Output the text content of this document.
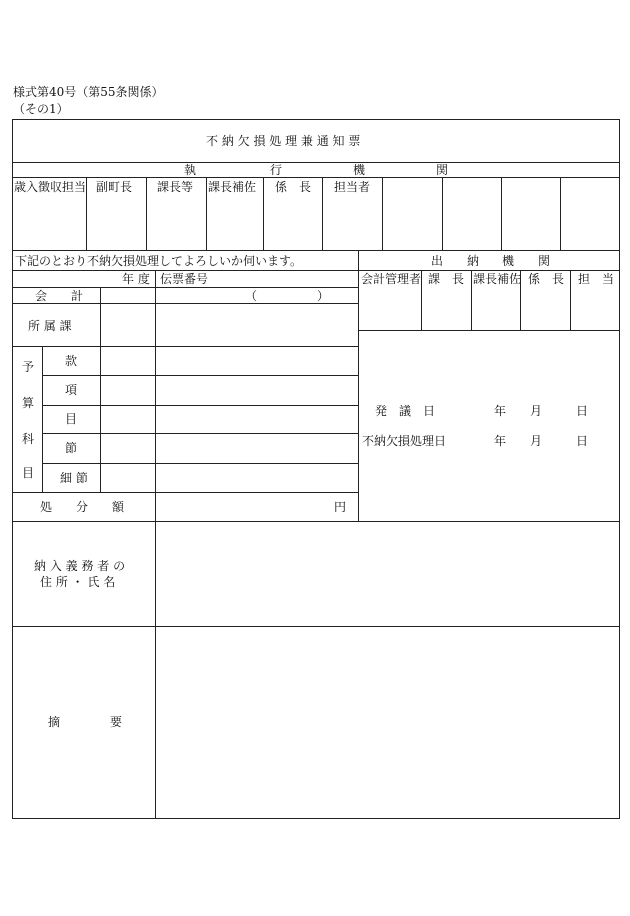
様式第40号（第55条関係）
（その1）
不 納 欠 損 処 理 兼 通 知 票
執	行	機	関
歳入徴収担当 副町長 課長等 課長補佐 係　長 担当者
下記のとおり不納欠損処理してよろしいか伺います。	出 納 機 関
会計管理者 課　長 課長補佐 係　長 担　当
年 度 伝票番号
会　　計	（　　　　　）
所 属 課
予
算
科
目
款
項
目
節
細 節
処　　分　　額	円
納 入 義 務 者 の
住 所 ・ 氏 名
摘	要
発　議　日	年 月	日
不納欠損処理日	年 月	日
